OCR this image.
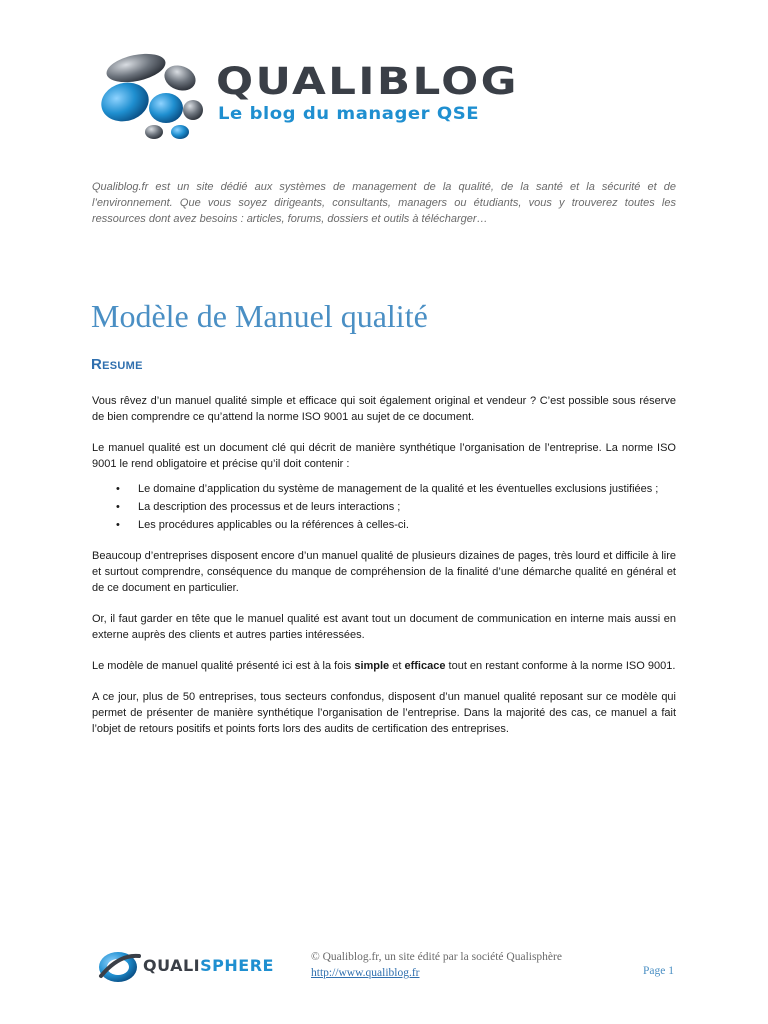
QUALIBLOG
Le blog du manager QSE
Qualiblog.fr est un site dédié aux systèmes de management de la qualité, de la santé et la sécurité et de l’environnement. Que vous soyez dirigeants, consultants, managers ou étudiants, vous y trouverez toutes les ressources dont avez besoins : articles, forums, dossiers et outils à télécharger…
Modèle de Manuel qualité
Resume

Vous rêvez d’un manuel qualité simple et efficace qui soit également original et vendeur ? C’est possible sous réserve de bien comprendre ce qu’attend la norme ISO 9001 au sujet de ce document.

Le manuel qualité est un document clé qui décrit de manière synthétique l’organisation de l’entreprise. La norme ISO 9001 le rend obligatoire et précise qu’il doit contenir :

• Le domaine d’application du système de management de la qualité et les éventuelles exclusions justifiées ;
• La description des processus et de leurs interactions ;
• Les procédures applicables ou la références à celles-ci.

Beaucoup d’entreprises disposent encore d’un manuel qualité de plusieurs dizaines de pages, très lourd et difficile à lire et surtout comprendre, conséquence du manque de compréhension de la finalité d’une démarche qualité en général et de ce document en particulier.

Or, il faut garder en tête que le manuel qualité est avant tout un document de communication en interne mais aussi en externe auprès des clients et autres parties intéressées.

Le modèle de manuel qualité présenté ici est à la fois simple et efficace tout en restant conforme à la norme ISO 9001.

A ce jour, plus de 50 entreprises, tous secteurs confondus, disposent d’un manuel qualité reposant sur ce modèle qui permet de présenter de manière synthétique l’organisation de l’entreprise. Dans la majorité des cas, ce manuel a fait l’objet de retours positifs et points forts lors des audits de certification des entreprises.

QUALISPHERE	© Qualiblog.fr, un site édité par la société Qualisphère
http://www.qualiblog.fr	Page 1
